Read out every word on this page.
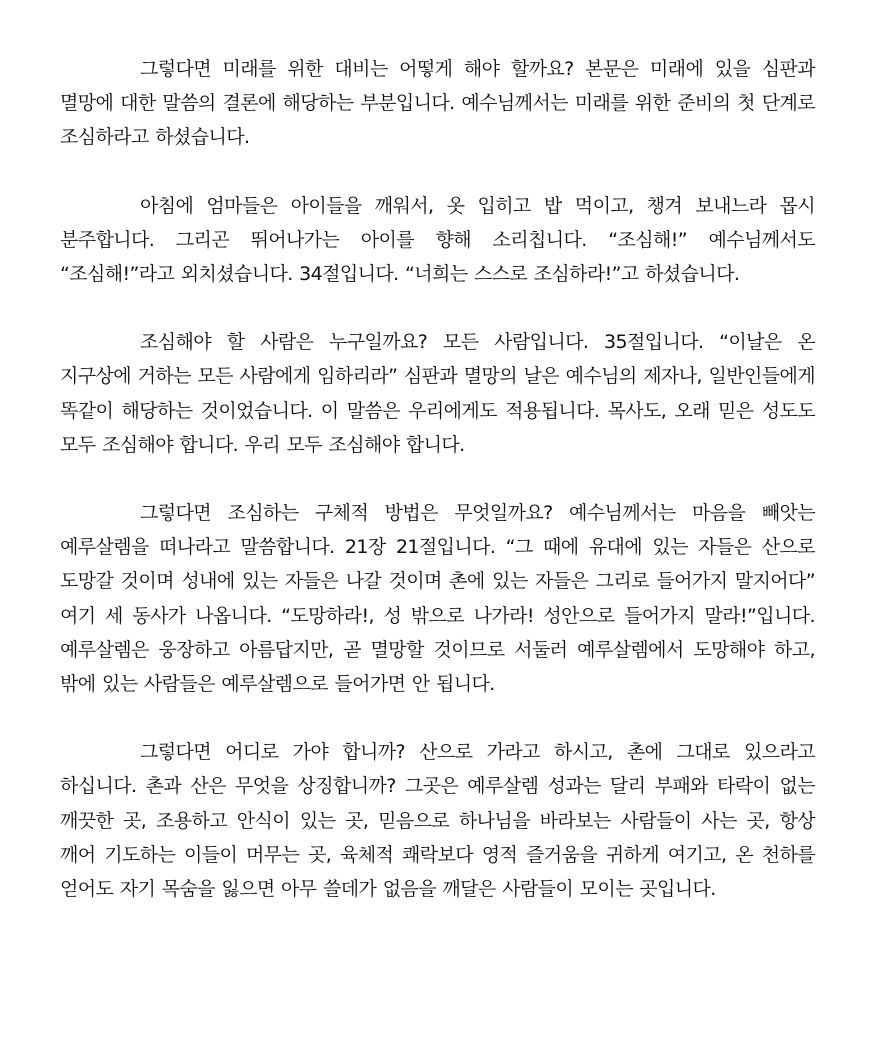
그렇다면 미래를 위한 대비는 어떻게 해야 할까요? 본문은 미래에 있을 심판과 멸망에 대한 말씀의 결론에 해당하는 부분입니다. 예수님께서는 미래를 위한 준비의 첫 단계로 조심하라고 하셨습니다.

아침에 엄마들은 아이들을 깨워서, 옷 입히고 밥 먹이고, 챙겨 보내느라 몹시 분주합니다. 그리곤 뛰어나가는 아이를 향해 소리칩니다. “조심해!” 예수님께서도 “조심해!”라고 외치셨습니다. 34절입니다. “너희는 스스로 조심하라!”고 하셨습니다.

조심해야 할 사람은 누구일까요? 모든 사람입니다. 35절입니다. “이날은 온 지구상에 거하는 모든 사람에게 임하리라” 심판과 멸망의 날은 예수님의 제자나, 일반인들에게 똑같이 해당하는 것이었습니다. 이 말씀은 우리에게도 적용됩니다. 목사도, 오래 믿은 성도도 모두 조심해야 합니다. 우리 모두 조심해야 합니다.

그렇다면 조심하는 구체적 방법은 무엇일까요? 예수님께서는 마음을 빼앗는 예루살렘을 떠나라고 말씀합니다. 21장 21절입니다. “그 때에 유대에 있는 자들은 산으로 도망갈 것이며 성내에 있는 자들은 나갈 것이며 촌에 있는 자들은 그리로 들어가지 말지어다” 여기 세 동사가 나옵니다. “도망하라!, 성 밖으로 나가라! 성안으로 들어가지 말라!”입니다. 예루살렘은 웅장하고 아름답지만, 곧 멸망할 것이므로 서둘러 예루살렘에서 도망해야 하고, 밖에 있는 사람들은 예루살렘으로 들어가면 안 됩니다.

그렇다면 어디로 가야 합니까? 산으로 가라고 하시고, 촌에 그대로 있으라고 하십니다. 촌과 산은 무엇을 상징합니까? 그곳은 예루살렘 성과는 달리 부패와 타락이 없는 깨끗한 곳, 조용하고 안식이 있는 곳, 믿음으로 하나님을 바라보는 사람들이 사는 곳, 항상 깨어 기도하는 이들이 머무는 곳, 육체적 쾌락보다 영적 즐거움을 귀하게 여기고, 온 천하를 얻어도 자기 목숨을 잃으면 아무 쓸데가 없음을 깨달은 사람들이 모이는 곳입니다.
